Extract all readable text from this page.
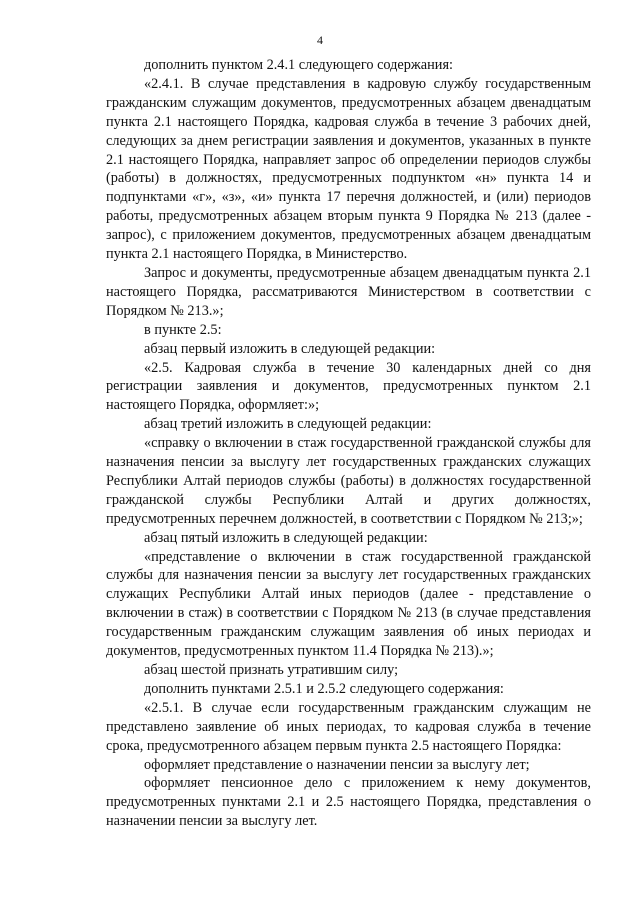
4

дополнить пунктом 2.4.1 следующего содержания:

«2.4.1. В случае представления в кадровую службу государственным гражданским служащим документов, предусмотренных абзацем двенадцатым пункта 2.1 настоящего Порядка, кадровая служба в течение 3 рабочих дней, следующих за днем регистрации заявления и документов, указанных в пункте 2.1 настоящего Порядка, направляет запрос об определении периодов службы (работы) в должностях, предусмотренных подпунктом «н» пункта 14 и подпунктами «г», «з», «и» пункта 17 перечня должностей, и (или) периодов работы, предусмотренных абзацем вторым пункта 9 Порядка № 213 (далее - запрос), с приложением документов, предусмотренных абзацем двенадцатым пункта 2.1 настоящего Порядка, в Министерство.

Запрос и документы, предусмотренные абзацем двенадцатым пункта 2.1 настоящего Порядка, рассматриваются Министерством в соответствии с Порядком № 213.»;

в пункте 2.5:

абзац первый изложить в следующей редакции:

«2.5. Кадровая служба в течение 30 календарных дней со дня регистрации заявления и документов, предусмотренных пунктом 2.1 настоящего Порядка, оформляет:»;

абзац третий изложить в следующей редакции:

«справку о включении в стаж государственной гражданской службы для назначения пенсии за выслугу лет государственных гражданских служащих Республики Алтай периодов службы (работы) в должностях государственной гражданской службы Республики Алтай и других должностях, предусмотренных перечнем должностей, в соответствии с Порядком № 213;»;

абзац пятый изложить в следующей редакции:

«представление о включении в стаж государственной гражданской службы для назначения пенсии за выслугу лет государственных гражданских служащих Республики Алтай иных периодов (далее - представление о включении в стаж) в соответствии с Порядком № 213 (в случае представления государственным гражданским служащим заявления об иных периодах и документов, предусмотренных пунктом 11.4 Порядка № 213).»;

абзац шестой признать утратившим силу;

дополнить пунктами 2.5.1 и 2.5.2 следующего содержания:

«2.5.1. В случае если государственным гражданским служащим не представлено заявление об иных периодах, то кадровая служба в течение срока, предусмотренного абзацем первым пункта 2.5 настоящего Порядка:

оформляет представление о назначении пенсии за выслугу лет;

оформляет пенсионное дело с приложением к нему документов, предусмотренных пунктами 2.1 и 2.5 настоящего Порядка, представления о назначении пенсии за выслугу лет.
